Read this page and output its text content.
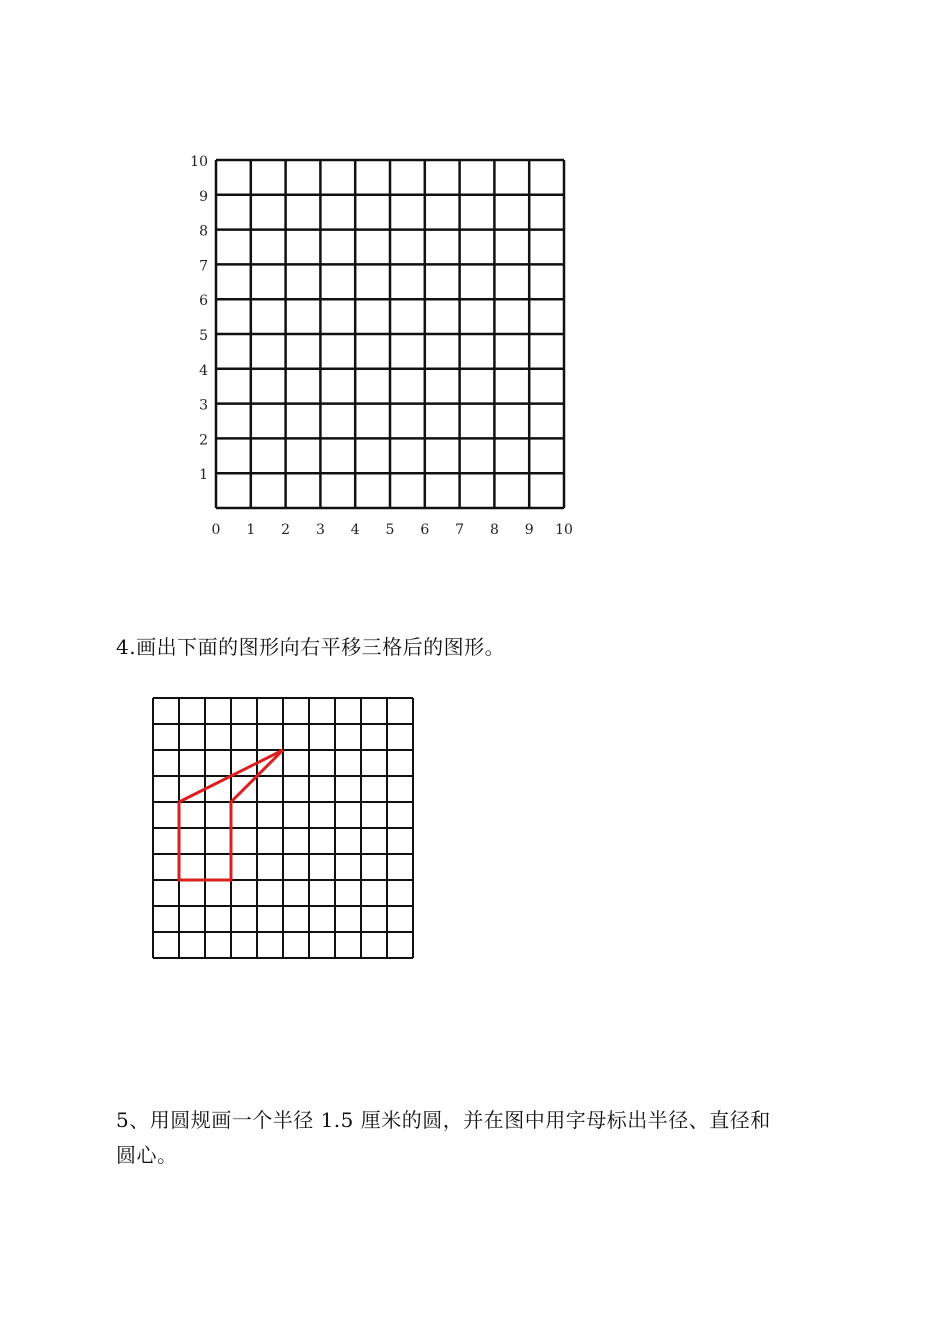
1
2
3
4
5
6
7
8
9
10
0 1 2 3 4 5 6 7 8 9 10
4.画出下面的图形向右平移三格后的图形。
5、用圆规画一个半径 1.5 厘米的圆，并在图中用字母标出半径、直径和
圆心。
